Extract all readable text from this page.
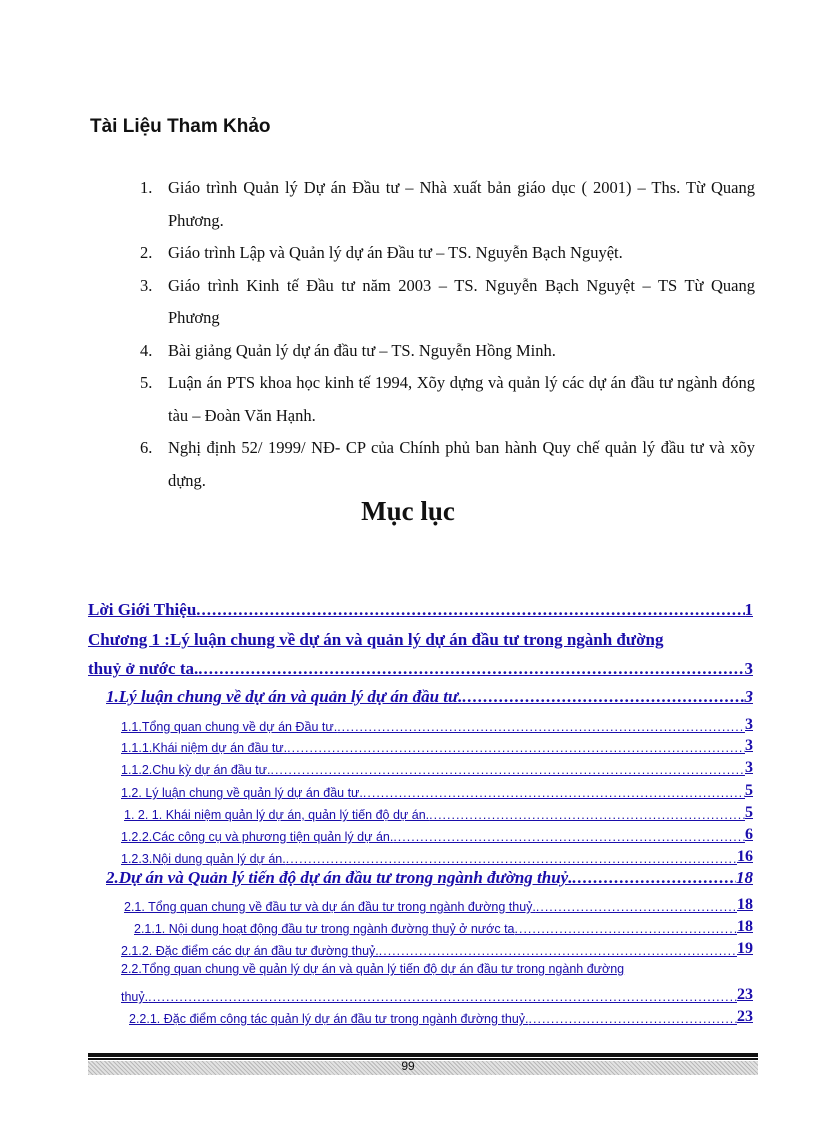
Tài Liệu Tham Khảo
1. Giáo trình Quản lý Dự án Đầu tư – Nhà xuất bản giáo dục ( 2001) – Ths. Từ Quang Phương.
2. Giáo trình Lập và Quản lý dự án Đầu tư – TS. Nguyễn Bạch Nguyệt.
3. Giáo trình Kinh tế Đầu tư năm 2003 – TS. Nguyễn Bạch Nguyệt – TS Từ Quang Phương
4. Bài giảng Quản lý dự án đầu tư – TS. Nguyễn Hồng Minh.
5. Luận án PTS khoa học kinh tế 1994, Xõy dựng và quản lý các dự án đầu tư ngành đóng tàu – Đoàn Văn Hạnh.
6. Nghị định 52/ 1999/ NĐ- CP của Chính phủ ban hành Quy chế quản lý đầu tư và xõy dựng.
Mục lục
Lời Giới Thiệu .....	1
Chương 1 :Lý luận chung về dự án và quản lý dự án đầu tư trong ngành đường
thuỷ ở nước ta. .....	3
1.Lý luận chung về dự án và quản lý dự án đầu tư. .....	3
1.1.Tổng quan chung về dự án Đầu tư. .....	3
1.1.1.Khái niệm dự án đầu tư. .....	3
1.1.2.Chu kỳ dự án đầu tư. .....	3
1.2. Lý luận chung về quản lý dự án đầu tư. .....	5
1. 2. 1. Khái niệm quản lý dự án, quản lý tiến độ dự án. .....	5
1.2.2.Các công cụ và phương tiện quản lý dự án. .....	6
1.2.3.Nội dung quản lý dự án. .....	16
2.Dự án và Quản lý tiến độ dự án đầu tư trong ngành đường thuỷ. .....	18
2.1. Tổng quan chung về đầu tư và dự án đầu tư trong ngành đường thuỷ. .....	18
2.1.1. Nội dung hoạt động đầu tư trong ngành đường thuỷ ở nước ta .....	18
2.1.2. Đặc điểm các dự án đầu tư đường thuỷ. .....	19
2.2.Tổng quan chung về quản lý dự án và quản lý tiến độ dự án đầu tư trong ngành đường
thuỷ. .....	23
2.2.1. Đặc điểm công tác quản lý dự án đầu tư trong ngành đường thuỷ. .....	23
99
